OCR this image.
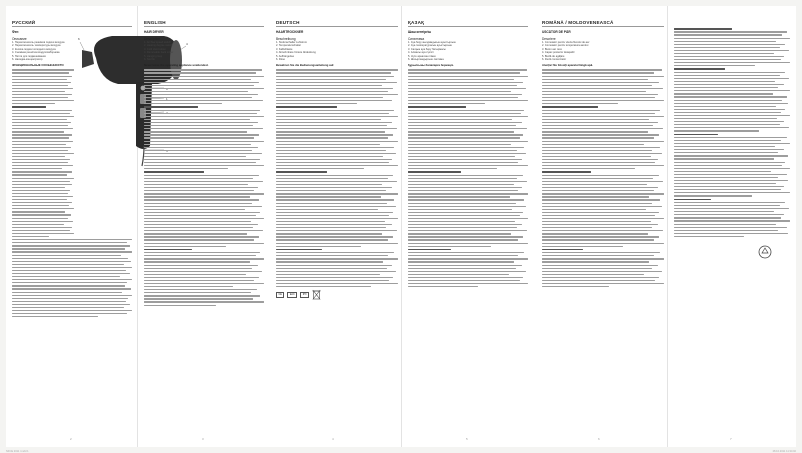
РУССКИЙ
Фен
Описание
1. Переключатель режимов подачи воздуха
2. Переключатель температуры воздуха
3. Кнопка подачи холодного воздуха
4. Съёмная решётка воздухозаборника
5. Петля для подвешивания
6. Насадка-концентратор
ФУНКЦИОНАЛЬНЫЕ ОСОБЕННОСТИ
1
3
4
5
6
ENGLISH
HAIR DRYER
Description
1. Air flow speed switch
2. Heating degree switch
3. Cold shot button
4. Removable back cover
5. Hanging loop
6. Nozzle
Never leave the operating appliance unattended.
2	3
DEUTSCH
HAARTROCKNER
Beschreibung
1. Stufenschalter Luftstrom
2. Temperaturschalter
3. Kaltlufttaste
4. Abnehmbare hintere Abdeckung
5. Aufhängeöse
6. Düse
Bewahren Sie die Bedienungsanleitung auf.
CE	EAC	IPX
ҚАЗАҚ
Шаш кептіргіш
Сипаттама
1. Ауа беру жылдамдығын ауыстырғыш
2. Ауа температурасын ауыстырғыш
3. Салқын ауа беру батырмасы
4. Алмалы ауа сүзгісі
5. Ілуге арналған ілмек
6. Шоғырландырғыш саптама
Құрылғыны балаларға бермеңіз.
4	5
ROMÂNĂ / MOLDOVENEASCĂ
USCĂTOR DE PĂR
Descriere
1. Comutator pentru viteza fluxului de aer
2. Comutator pentru temperatura aerului
3. Buton aer rece
4. Capac posterior detaşabil
5. Buclă de agăţare
6. Duză concentrator
Atenţie! Nu folosiţi aparatul lângă apă.
6	7
NFCE 2011 r.indd 1	28.10.2011 11:34:02
